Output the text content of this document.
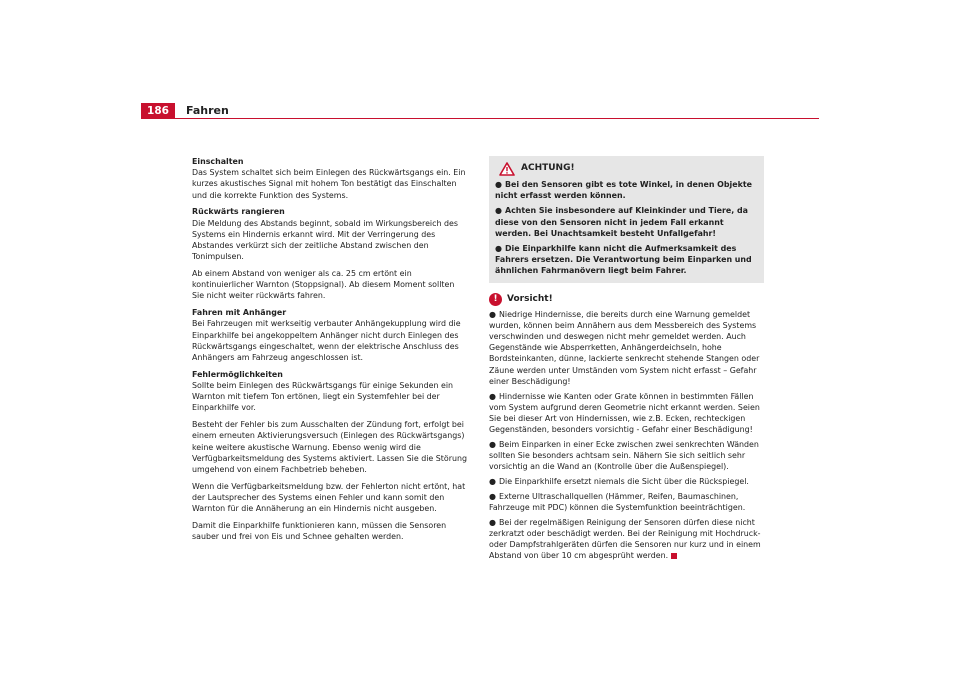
186	Fahren

Einschalten

Das System schaltet sich beim Einlegen des Rückwärtsgangs ein. Ein kurzes akustisches Signal mit hohem Ton bestätigt das Einschalten und die korrekte Funktion des Systems.

Rückwärts rangieren

Die Meldung des Abstands beginnt, sobald im Wirkungsbereich des Systems ein Hindernis erkannt wird. Mit der Verringerung des Abstandes verkürzt sich der zeitliche Abstand zwischen den Tonimpulsen.

Ab einem Abstand von weniger als ca. 25 cm ertönt ein kontinuierlicher Warnton (Stoppsignal). Ab diesem Moment sollten Sie nicht weiter rückwärts fahren.

Fahren mit Anhänger

Bei Fahrzeugen mit werkseitig verbauter Anhängekupplung wird die Einparkhilfe bei angekoppeltem Anhänger nicht durch Einlegen des Rückwärtsgangs eingeschaltet, wenn der elektrische Anschluss des Anhängers am Fahrzeug angeschlossen ist.

Fehlermöglichkeiten

Sollte beim Einlegen des Rückwärtsgangs für einige Sekunden ein Warnton mit tiefem Ton ertönen, liegt ein Systemfehler bei der Einparkhilfe vor.

Besteht der Fehler bis zum Ausschalten der Zündung fort, erfolgt bei einem erneuten Aktivierungsversuch (Einlegen des Rückwärtsgangs) keine weitere akustische Warnung. Ebenso wenig wird die Verfügbarkeitsmeldung des Systems aktiviert. Lassen Sie die Störung umgehend von einem Fachbetrieb beheben.

Wenn die Verfügbarkeitsmeldung bzw. der Fehlerton nicht ertönt, hat der Lautsprecher des Systems einen Fehler und kann somit den Warnton für die Annäherung an ein Hindernis nicht ausgeben.

Damit die Einparkhilfe funktionieren kann, müssen die Sensoren sauber und frei von Eis und Schnee gehalten werden.

ACHTUNG!

● Bei den Sensoren gibt es tote Winkel, in denen Objekte nicht erfasst werden können.

● Achten Sie insbesondere auf Kleinkinder und Tiere, da diese von den Sensoren nicht in jedem Fall erkannt werden. Bei Unachtsamkeit besteht Unfallgefahr!

● Die Einparkhilfe kann nicht die Aufmerksamkeit des Fahrers ersetzen. Die Verantwortung beim Einparken und ähnlichen Fahrmanövern liegt beim Fahrer.

!	Vorsicht!

● Niedrige Hindernisse, die bereits durch eine Warnung gemeldet wurden, können beim Annähern aus dem Messbereich des Systems verschwinden und deswegen nicht mehr gemeldet werden. Auch Gegenstände wie Absperrketten, Anhängerdeichseln, hohe Bordsteinkanten, dünne, lackierte senkrecht stehende Stangen oder Zäune werden unter Umständen vom System nicht erfasst – Gefahr einer Beschädigung!

● Hindernisse wie Kanten oder Grate können in bestimmten Fällen vom System aufgrund deren Geometrie nicht erkannt werden. Seien Sie bei dieser Art von Hindernissen, wie z.B. Ecken, rechteckigen Gegenständen, besonders vorsichtig - Gefahr einer Beschädigung!

● Beim Einparken in einer Ecke zwischen zwei senkrechten Wänden sollten Sie besonders achtsam sein. Nähern Sie sich seitlich sehr vorsichtig an die Wand an (Kontrolle über die Außenspiegel).

● Die Einparkhilfe ersetzt niemals die Sicht über die Rückspiegel.

● Externe Ultraschallquellen (Hämmer, Reifen, Baumaschinen, Fahrzeuge mit PDC) können die Systemfunktion beeinträchtigen.

● Bei der regelmäßigen Reinigung der Sensoren dürfen diese nicht zerkratzt oder beschädigt werden. Bei der Reinigung mit Hochdruck- oder Dampfstrahlgeräten dürfen die Sensoren nur kurz und in einem Abstand von über 10 cm abgesprüht werden.
